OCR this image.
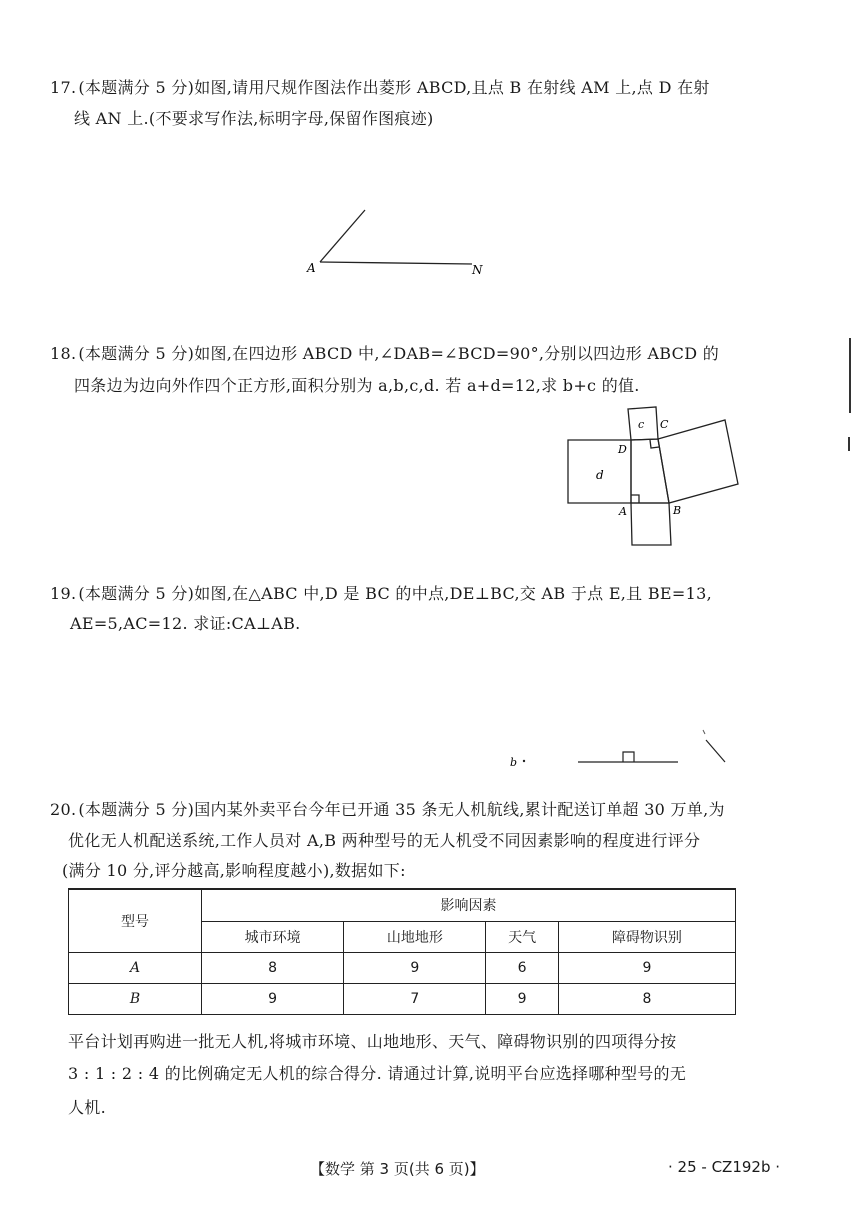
17. (本题满分 5 分)如图,请用尺规作图法作出菱形 ABCD,且点 B 在射线 AM 上,点 D 在射
线 AN 上.(不要求写作法,标明字母,保留作图痕迹)
A	N
18. (本题满分 5 分)如图,在四边形 ABCD 中,∠DAB=∠BCD=90°,分别以四边形 ABCD 的
四条边为边向外作四个正方形,面积分别为 a,b,c,d. 若 a+d=12,求 b+c 的值.
c C
D
d
A	B
19. (本题满分 5 分)如图,在△ABC 中,D 是 BC 的中点,DE⊥BC,交 AB 于点 E,且 BE=13,
AE=5,AC=12. 求证:CA⊥AB.
b
20. (本题满分 5 分)国内某外卖平台今年已开通 35 条无人机航线,累计配送订单超 30 万单,为
优化无人机配送系统,工作人员对 A,B 两种型号的无人机受不同因素影响的程度进行评分
(满分 10 分,评分越高,影响程度越小),数据如下:
型号	影响因素			
	城市环境	山地地形	天气	障碍物识别
A	8	9	6	9
B	9	7	9	8
平台计划再购进一批无人机,将城市环境、山地地形、天气、障碍物识别的四项得分按
3 : 1 : 2 : 4 的比例确定无人机的综合得分. 请通过计算,说明平台应选择哪种型号的无
人机.
【数学 第 3 页(共 6 页)】	· 25 - CZ192b ·
